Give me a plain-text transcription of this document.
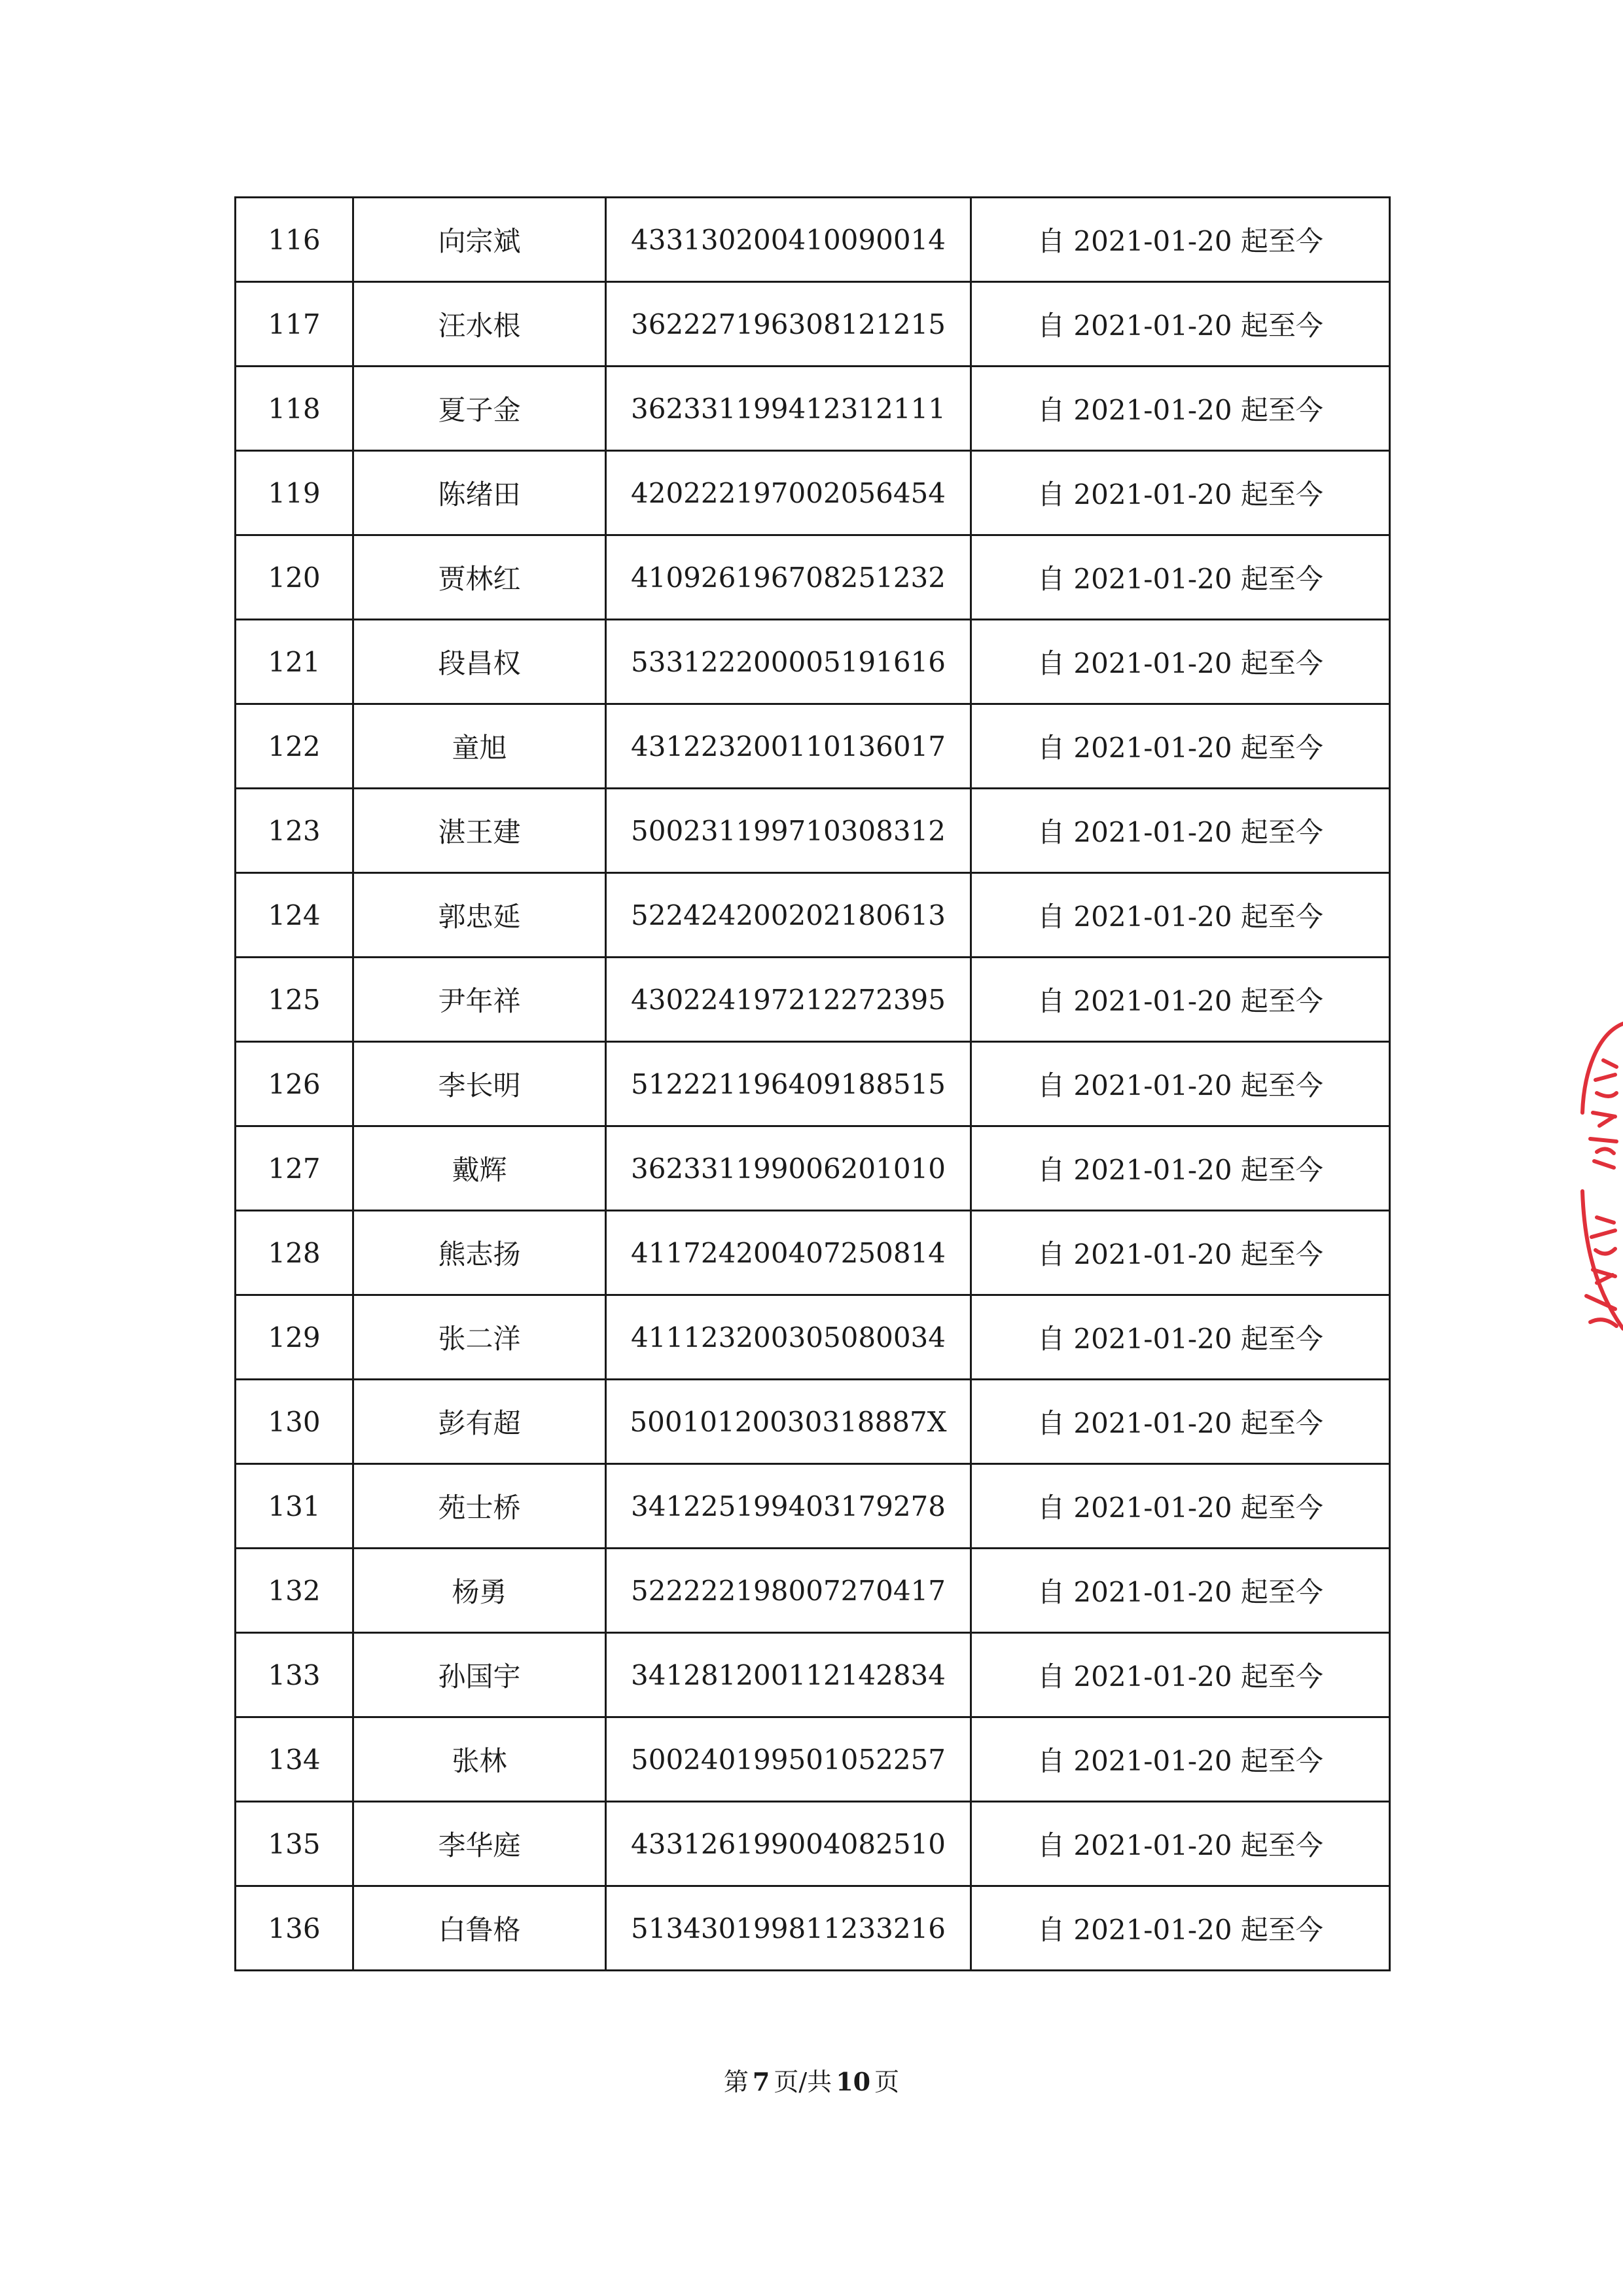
116	向宗斌	433130200410090014	自 2021-01-20 起至今
117	汪水根	362227196308121215	自 2021-01-20 起至今
118	夏子金	362331199412312111	自 2021-01-20 起至今
119	陈绪田	420222197002056454	自 2021-01-20 起至今
120	贾林红	410926196708251232	自 2021-01-20 起至今
121	段昌权	533122200005191616	自 2021-01-20 起至今
122	童旭	431223200110136017	自 2021-01-20 起至今
123	湛王建	500231199710308312	自 2021-01-20 起至今
124	郭忠延	522424200202180613	自 2021-01-20 起至今
125	尹年祥	430224197212272395	自 2021-01-20 起至今
126	李长明	512221196409188515	自 2021-01-20 起至今
127	戴辉	362331199006201010	自 2021-01-20 起至今
128	熊志扬	411724200407250814	自 2021-01-20 起至今
129	张二洋	411123200305080034	自 2021-01-20 起至今
130	彭有超	50010120030318887X	自 2021-01-20 起至今
131	苑士桥	341225199403179278	自 2021-01-20 起至今
132	杨勇	522222198007270417	自 2021-01-20 起至今
133	孙国宇	341281200112142834	自 2021-01-20 起至今
134	张林	500240199501052257	自 2021-01-20 起至今
135	李华庭	433126199004082510	自 2021-01-20 起至今
136	白鲁格	513430199811233216	自 2021-01-20 起至今
第 7 页/共 10 页
